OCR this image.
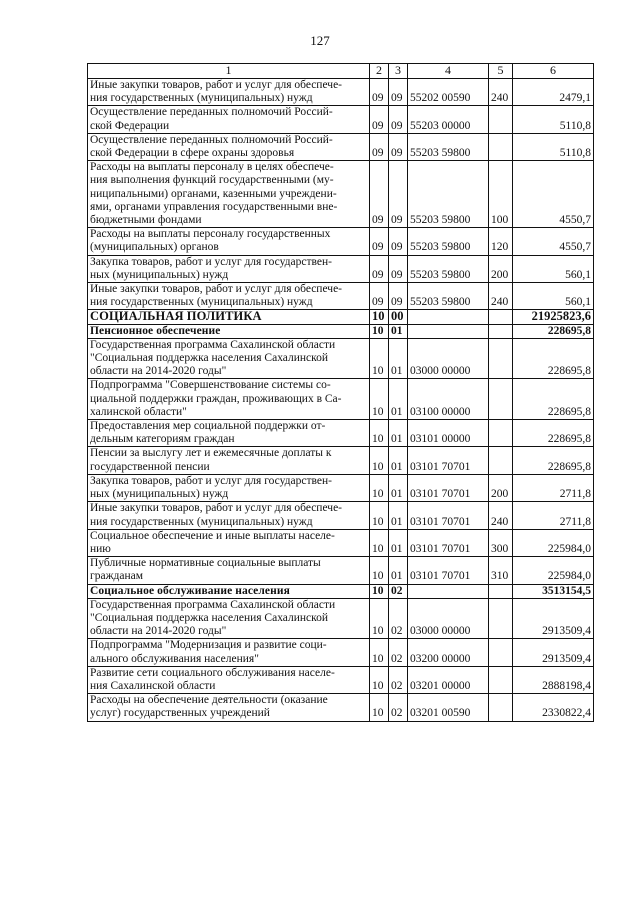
127
1	2	3	4	5	6
Иные закупки товаров, работ и услуг для обеспече-
ния государственных (муниципальных) нужд	09	09	55202 00590	240	2479,1
Осуществление переданных полномочий Россий-
ской Федерации	09	09	55203 00000		5110,8
Осуществление переданных полномочий Россий-
ской Федерации в сфере охраны здоровья	09	09	55203 59800		5110,8
Расходы на выплаты персоналу в целях обеспече-
ния выполнения функций государственными (му-
ниципальными) органами, казенными учреждени-
ями, органами управления государственными вне-
бюджетными фондами	09	09	55203 59800	100	4550,7
Расходы на выплаты персоналу государственных
(муниципальных) органов	09	09	55203 59800	120	4550,7
Закупка товаров, работ и услуг для государствен-
ных (муниципальных) нужд	09	09	55203 59800	200	560,1
Иные закупки товаров, работ и услуг для обеспече-
ния государственных (муниципальных) нужд	09	09	55203 59800	240	560,1
СОЦИАЛЬНАЯ ПОЛИТИКА	10	00			21925823,6
Пенсионное обеспечение	10	01			228695,8
Государственная программа Сахалинской области
"Социальная поддержка населения Сахалинской
области на 2014-2020 годы"	10	01	03000 00000		228695,8
Подпрограмма "Совершенствование системы со-
циальной поддержки граждан, проживающих в Са-
халинской области"	10	01	03100 00000		228695,8
Предоставления мер социальной поддержки от-
дельным категориям граждан	10	01	03101 00000		228695,8
Пенсии за выслугу лет и ежемесячные доплаты к
государственной пенсии	10	01	03101 70701		228695,8
Закупка товаров, работ и услуг для государствен-
ных (муниципальных) нужд	10	01	03101 70701	200	2711,8
Иные закупки товаров, работ и услуг для обеспече-
ния государственных (муниципальных) нужд	10	01	03101 70701	240	2711,8
Социальное обеспечение и иные выплаты населе-
нию	10	01	03101 70701	300	225984,0
Публичные нормативные социальные выплаты
гражданам	10	01	03101 70701	310	225984,0
Социальное обслуживание населения	10	02			3513154,5
Государственная программа Сахалинской области
"Социальная поддержка населения Сахалинской
области на 2014-2020 годы"	10	02	03000 00000		2913509,4
Подпрограмма "Модернизация и развитие соци-
ального обслуживания населения"	10	02	03200 00000		2913509,4
Развитие сети социального обслуживания населе-
ния Сахалинской области	10	02	03201 00000		2888198,4
Расходы на обеспечение деятельности (оказание
услуг) государственных учреждений	10	02	03201 00590		2330822,4
